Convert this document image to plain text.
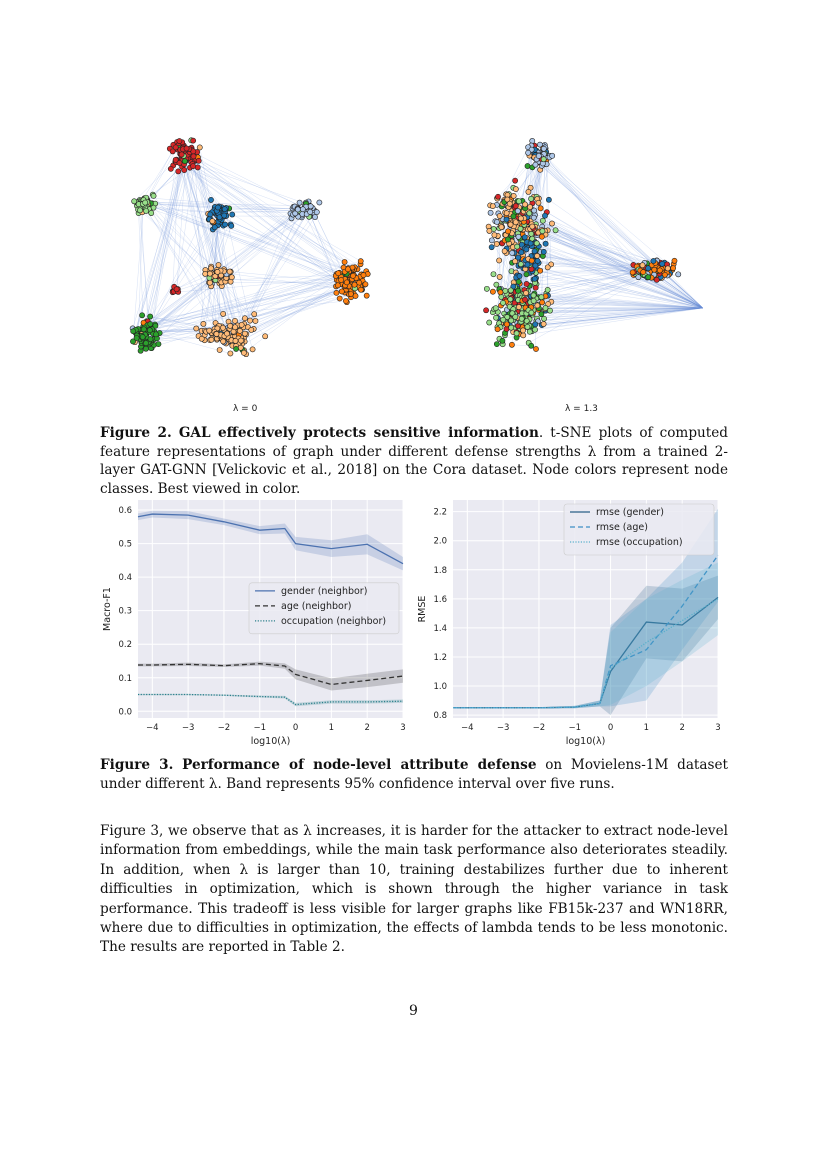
λ = 0	λ = 1.3
Figure 2. GAL effectively protects sensitive information. t-SNE plots of computed feature representations of graph under different defense strengths λ from a trained 2-layer GAT-GNN [Velickovic et al., 2018] on the Cora dataset. Node colors represent node classes. Best viewed in color.
−4	−3	−2	−1	0	1	2	3
0.0
0.1
0.2
0.3
0.4
0.5
0.6
log10(λ)
Macro-F1	gender (neighbor)
age (neighbor)
occupation (neighbor)
−4	−3	−2	−1	0	1	2	3
0.8
1.0
1.2
1.4
1.6
1.8
2.0
2.2
log10(λ)
RMSE
rmse (gender)
rmse (age)
rmse (occupation)
Figure 3. Performance of node-level attribute defense on Movielens-1M dataset under different λ. Band represents 95% confidence interval over five runs.
Figure 3, we observe that as λ increases, it is harder for the attacker to extract node-level information from embeddings, while the main task performance also deteriorates steadily. In addition, when λ is larger than 10, training destabilizes further due to inherent difficulties in optimization, which is shown through the higher variance in task performance. This tradeoff is less visible for larger graphs like FB15k-237 and WN18RR, where due to difficulties in optimization, the effects of lambda tends to be less monotonic. The results are reported in Table 2.
9
